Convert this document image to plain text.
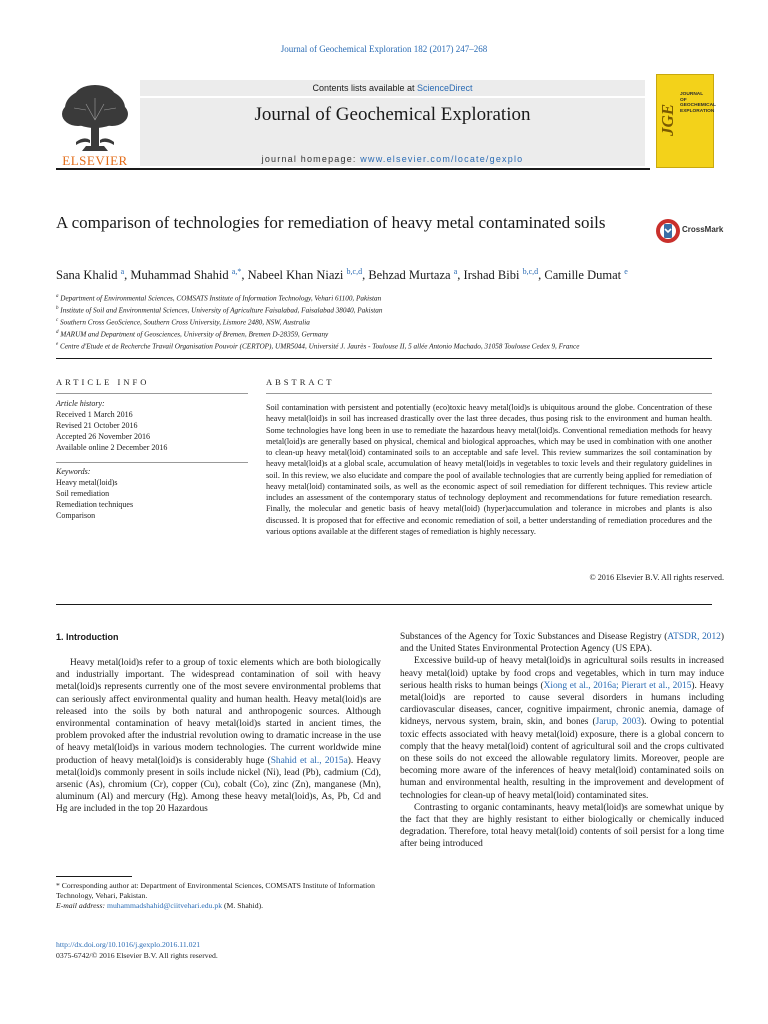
Journal of Geochemical Exploration 182 (2017) 247–268
ELSEVIER
Contents lists available at ScienceDirect
Journal of Geochemical Exploration
journal homepage: www.elsevier.com/locate/gexplo
JGE
JOURNAL OF GEOCHEMICAL EXPLORATION
A comparison of technologies for remediation of heavy metal contaminated soils	CrossMark
Sana Khalid $^a$, Muhammad Shahid $^{a,*}$, Nabeel Khan Niazi $^{b,c,d}$, Behzad Murtaza $^a$, Irshad Bibi $^{b,c,d}$, Camille Dumat $^e$
$^a$ Department of Environmental Sciences, COMSATS Institute of Information Technology, Vehari 61100, Pakistan
$^b$ Institute of Soil and Environmental Sciences, University of Agriculture Faisalabad, Faisalabad 38040, Pakistan
$^c$ Southern Cross GeoScience, Southern Cross University, Lismore 2480, NSW, Australia
$^d$ MARUM and Department of Geosciences, University of Bremen, Bremen D-28359, Germany
$^e$ Centre d'Etude et de Recherche Travail Organisation Pouvoir (CERTOP), UMR5044, Université J. Jaurès - Toulouse II, 5 allée Antonio Machado, 31058 Toulouse Cedex 9, France
ARTICLE INFO	ABSTRACT
Article history:
Received 1 March 2016
Revised 21 October 2016
Accepted 26 November 2016
Available online 2 December 2016
Keywords:
Heavy metal(loid)s
Soil remediation
Remediation techniques
Comparison
Soil contamination with persistent and potentially (eco)toxic heavy metal(loid)s is ubiquitous around the globe. Concentration of these heavy metal(loid)s in soil has increased drastically over the last three decades, thus posing risk to the environment and human health. Some technologies have long been in use to remediate the hazardous heavy metal(loid)s. Conventional remediation methods for heavy metal(loid)s are generally based on physical, chemical and biological approaches, which may be used in combination with one another to clean-up heavy metal(loid) contaminated soils to an acceptable and safe level. This review summarizes the soil contamination by heavy metal(loid)s at a global scale, accumulation of heavy metal(loid)s in vegetables to toxic levels and their regulatory guidelines in soil. In this review, we also elucidate and compare the pool of available technologies that are currently being applied for remediation of heavy metal(loid) contaminated soils, as well as the economic aspect of soil remediation for different techniques. This review article includes an assessment of the contemporary status of technology deployment and recommendations for future remediation research. Finally, the molecular and genetic basis of heavy metal(loid) (hyper)accumulation and tolerance in microbes and plants is also discussed. It is proposed that for effective and economic remediation of soil, a better understanding of remediation procedures and the various options available at the different stages of remediation is highly necessary.
© 2016 Elsevier B.V. All rights reserved.
1. Introduction

Heavy metal(loid)s refer to a group of toxic elements which are both biologically and industrially important. The widespread contamination of soil with heavy metal(loid)s represents currently one of the most severe environmental problems that can seriously affect environmental quality and human health. Heavy metal(loid)s are released into the soils by both natural and anthropogenic sources. Although environmental contamination of heavy metal(loid)s started in ancient times, the problem provoked after the industrial revolution owing to dramatic increase in the use of heavy metal(loid)s in various modern technologies. The current worldwide mine production of heavy metal(loid)s is considerably huge (Shahid et al., 2015a). Heavy metal(loid)s commonly present in soils include nickel (Ni), lead (Pb), cadmium (Cd), arsenic (As), chromium (Cr), copper (Cu), cobalt (Co), zinc (Zn), manganese (Mn), aluminum (Al) and mercury (Hg). Among these heavy metal(loid)s, As, Pb, Cd and Hg are included in the top 20 Hazardous

Substances of the Agency for Toxic Substances and Disease Registry (ATSDR, 2012) and the United States Environmental Protection Agency (US EPA).

Excessive build-up of heavy metal(loid)s in agricultural soils results in increased heavy metal(loid) uptake by food crops and vegetables, which in turn may induce serious health risks to human beings (Xiong et al., 2016a; Pierart et al., 2015). Heavy metal(loid)s are reported to cause several disorders in humans including cardiovascular diseases, cancer, cognitive impairment, chronic anemia, damage of kidneys, nervous system, brain, skin, and bones (Jarup, 2003). Owing to potential toxic effects associated with heavy metal(loid) exposure, there is a global concern to comply that the heavy metal(loid) content of agricultural soil and the crops cultivated on these soils do not exceed the allowable regulatory limits. Moreover, people are becoming more aware of the inferences of heavy metal(loid) contaminated soils on human and environmental health, resulting in the improvement and development of technologies for clean-up of heavy metal(loid) contaminated sites.

Contrasting to organic contaminants, heavy metal(loid)s are somewhat unique by the fact that they are highly resistant to either biologically or chemically induced degradation. Therefore, total heavy metal(loid) contents of soil persist for a long time after being introduced

* Corresponding author at: Department of Environmental Sciences, COMSATS Institute of Information Technology, Vehari, Pakistan.
E-mail address: muhammadshahid@ciitvehari.edu.pk (M. Shahid).
http://dx.doi.org/10.1016/j.gexplo.2016.11.021
0375-6742/© 2016 Elsevier B.V. All rights reserved.
